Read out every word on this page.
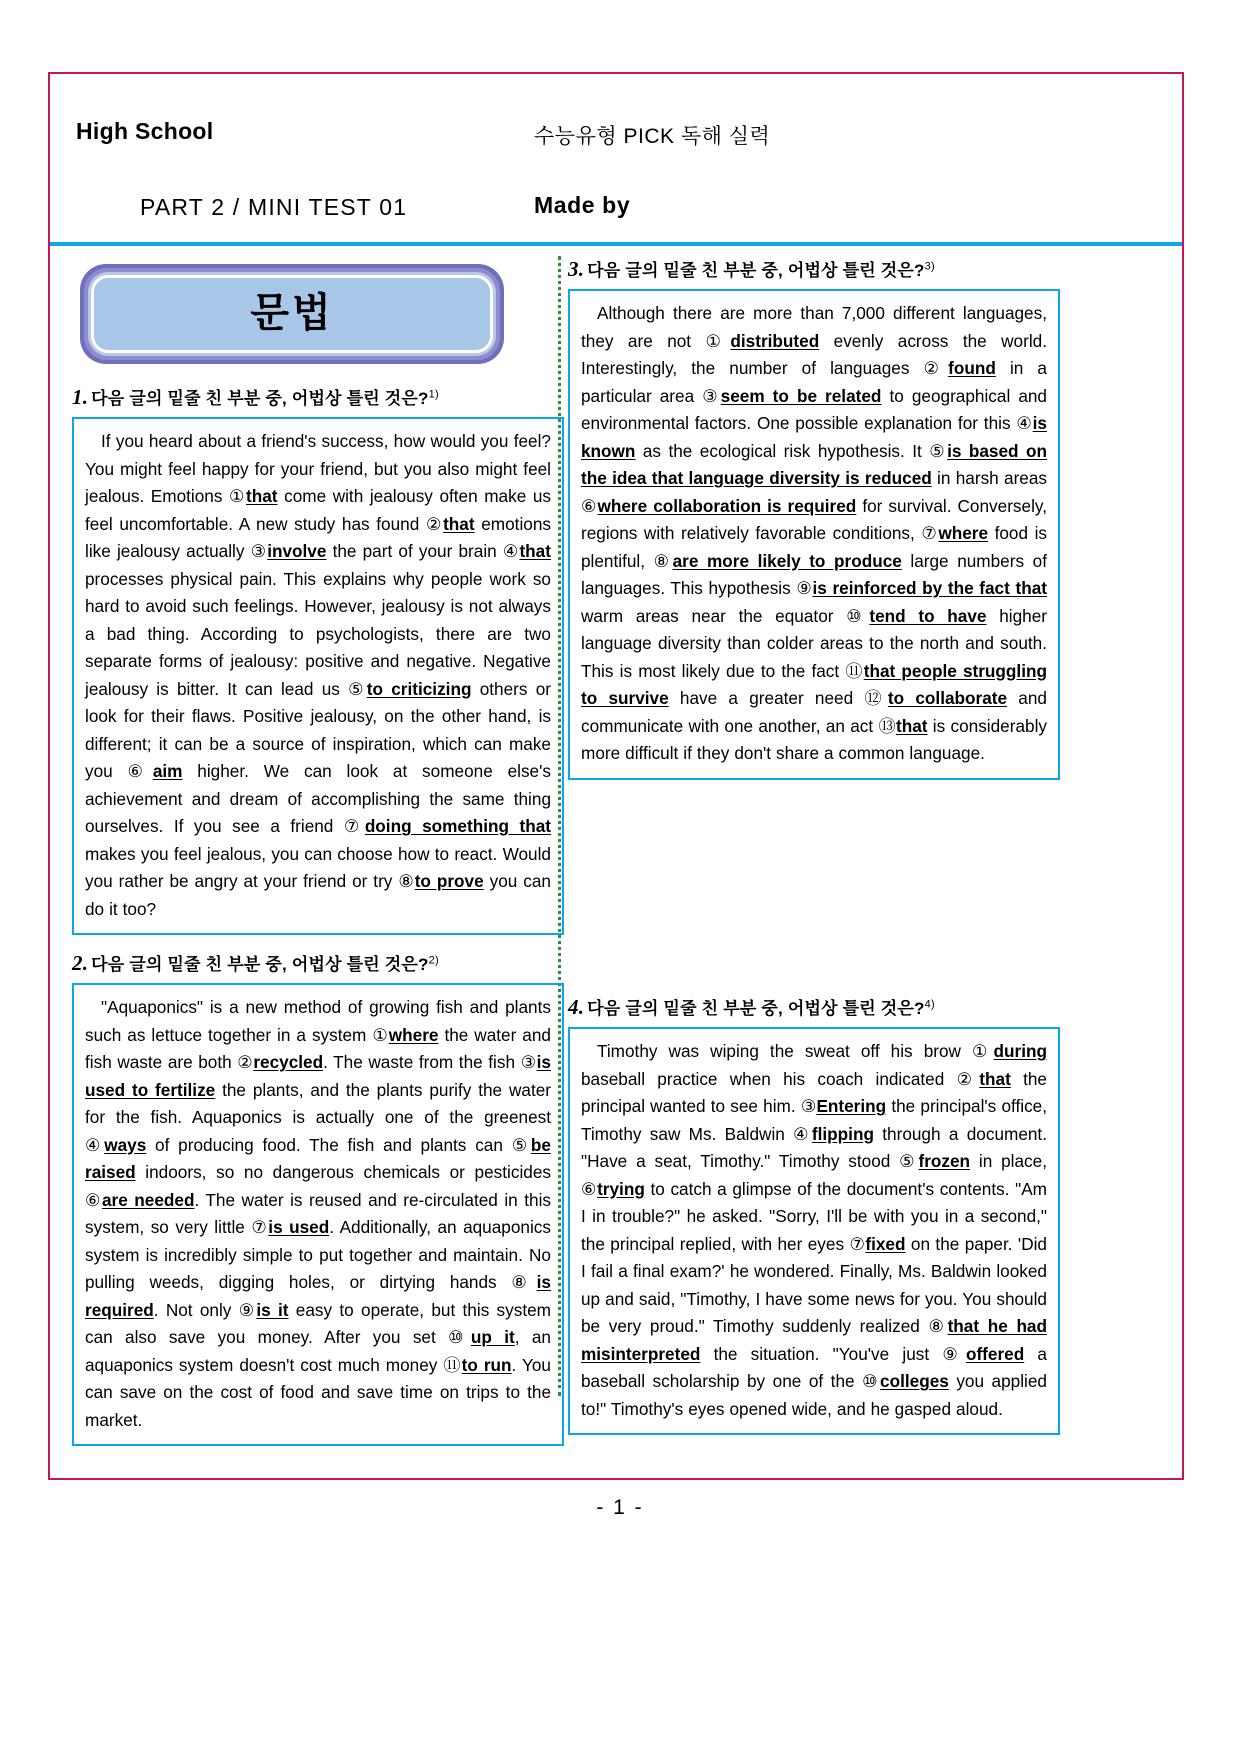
High School	수능유형 PICK 독해 실력
PART 2 / MINI TEST 01	Made by
문법
1. 다음 글의 밑줄 친 부분 중, 어법상 틀린 것은?$^{1)}$

If you heard about a friend's success, how would you feel? You might feel happy for your friend, but you also might feel jealous. Emotions ①that come with jealousy often make us feel uncomfortable. A new study has found ②that emotions like jealousy actually ③involve the part of your brain ④that processes physical pain. This explains why people work so hard to avoid such feelings. However, jealousy is not always a bad thing. According to psychologists, there are two separate forms of jealousy: positive and negative. Negative jealousy is bitter. It can lead us ⑤to criticizing others or look for their flaws. Positive jealousy, on the other hand, is different; it can be a source of inspiration, which can make you ⑥aim higher. We can look at someone else's achievement and dream of accomplishing the same thing ourselves. If you see a friend ⑦doing something that makes you feel jealous, you can choose how to react. Would you rather be angry at your friend or try ⑧to prove you can do it too?

2. 다음 글의 밑줄 친 부분 중, 어법상 틀린 것은?$^{2)}$

"Aquaponics" is a new method of growing fish and plants such as lettuce together in a system ①where the water and fish waste are both ②recycled. The waste from the fish ③is used to fertilize the plants, and the plants purify the water for the fish. Aquaponics is actually one of the greenest ④ways of producing food. The fish and plants can ⑤be raised indoors, so no dangerous chemicals or pesticides ⑥are needed. The water is reused and re-circulated in this system, so very little ⑦is used. Additionally, an aquaponics system is incredibly simple to put together and maintain. No pulling weeds, digging holes, or dirtying hands ⑧is required. Not only ⑨is it easy to operate, but this system can also save you money. After you set ⑩up it, an aquaponics system doesn't cost much money ⑪to run. You can save on the cost of food and save time on trips to the market.

3. 다음 글의 밑줄 친 부분 중, 어법상 틀린 것은?$^{3)}$

Although there are more than 7,000 different languages, they are not ①distributed evenly across the world. Interestingly, the number of languages ②found in a particular area ③seem to be related to geographical and environmental factors. One possible explanation for this ④is known as the ecological risk hypothesis. It ⑤is based on the idea that language diversity is reduced in harsh areas ⑥where collaboration is required for survival. Conversely, regions with relatively favorable conditions, ⑦where food is plentiful, ⑧are more likely to produce large numbers of languages. This hypothesis ⑨is reinforced by the fact that warm areas near the equator ⑩tend to have higher language diversity than colder areas to the north and south. This is most likely due to the fact ⑪that people struggling to survive have a greater need ⑫to collaborate and communicate with one another, an act ⑬that is considerably more difficult if they don't share a common language.

4. 다음 글의 밑줄 친 부분 중, 어법상 틀린 것은?$^{4)}$

Timothy was wiping the sweat off his brow ①during baseball practice when his coach indicated ②that the principal wanted to see him. ③Entering the principal's office, Timothy saw Ms. Baldwin ④flipping through a document. "Have a seat, Timothy." Timothy stood ⑤frozen in place, ⑥trying to catch a glimpse of the document's contents. "Am I in trouble?" he asked. "Sorry, I'll be with you in a second," the principal replied, with her eyes ⑦fixed on the paper. 'Did I fail a final exam?' he wondered. Finally, Ms. Baldwin looked up and said, "Timothy, I have some news for you. You should be very proud." Timothy suddenly realized ⑧that he had misinterpreted the situation. "You've just ⑨offered a baseball scholarship by one of the ⑩colleges you applied to!" Timothy's eyes opened wide, and he gasped aloud.

- 1 -
